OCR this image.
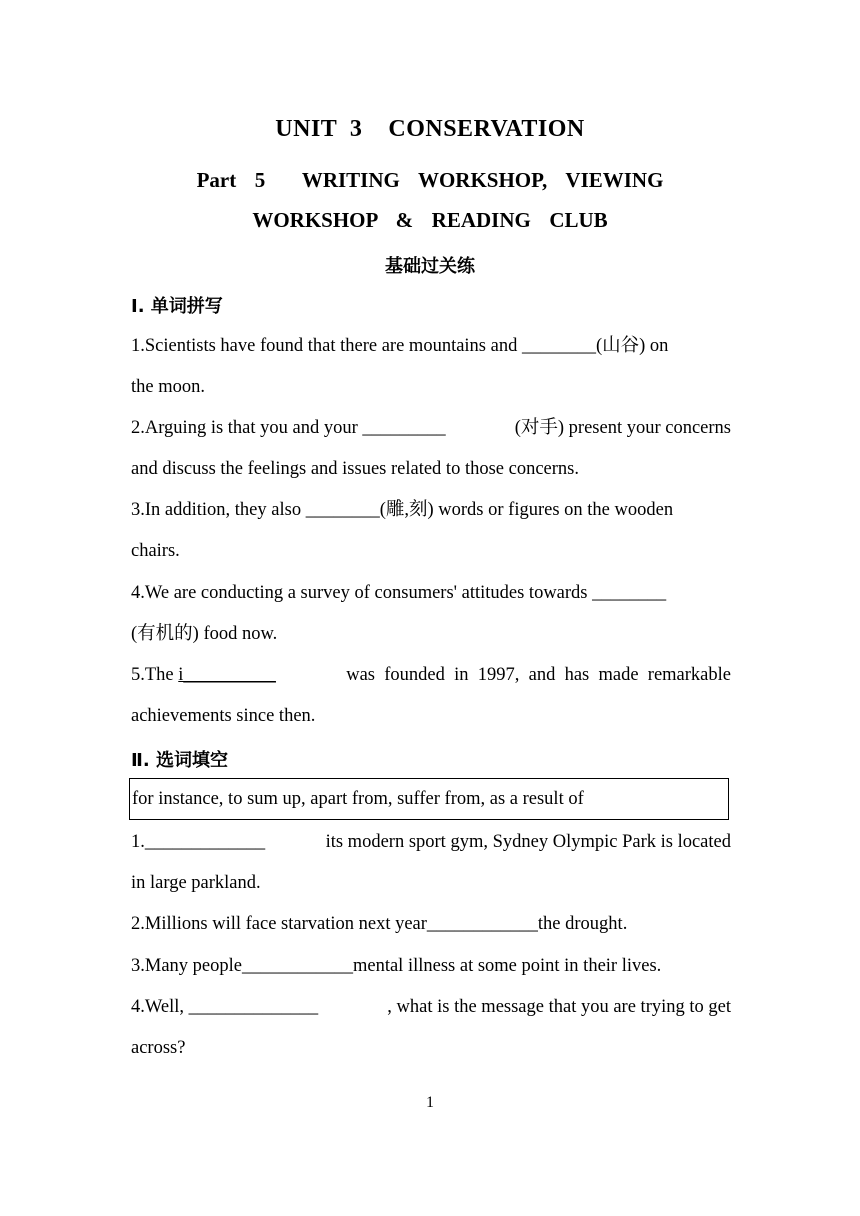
UNIT  3    CONSERVATION
Part  5    WRITING  WORKSHOP,  VIEWING
WORKSHOP  &  READING  CLUB
基础过关练
Ⅰ. 单词拼写
1.Scientists have found that there are mountains and ________(山谷) on
the moon.
2.Arguing is that you and your _________	(对手) present your concerns
and discuss the feelings and issues related to those concerns.
3.In addition, they also ________(雕,刻) words or figures on the wooden
chairs.
4.We are conducting a survey of consumers' attitudes towards ________
(有机的) food now.
5.The i__________	was  founded  in  1997,  and  has  made  remarkable
achievements since then.
Ⅱ. 选词填空
for instance, to sum up, apart from, suffer from, as a result of
1._____________	its modern sport gym, Sydney Olympic Park is located
in large parkland.
2.Millions will face starvation next year____________the drought.
3.Many people____________mental illness at some point in their lives.
4.Well, ______________	, what is the message that you are trying to get
across?
1
